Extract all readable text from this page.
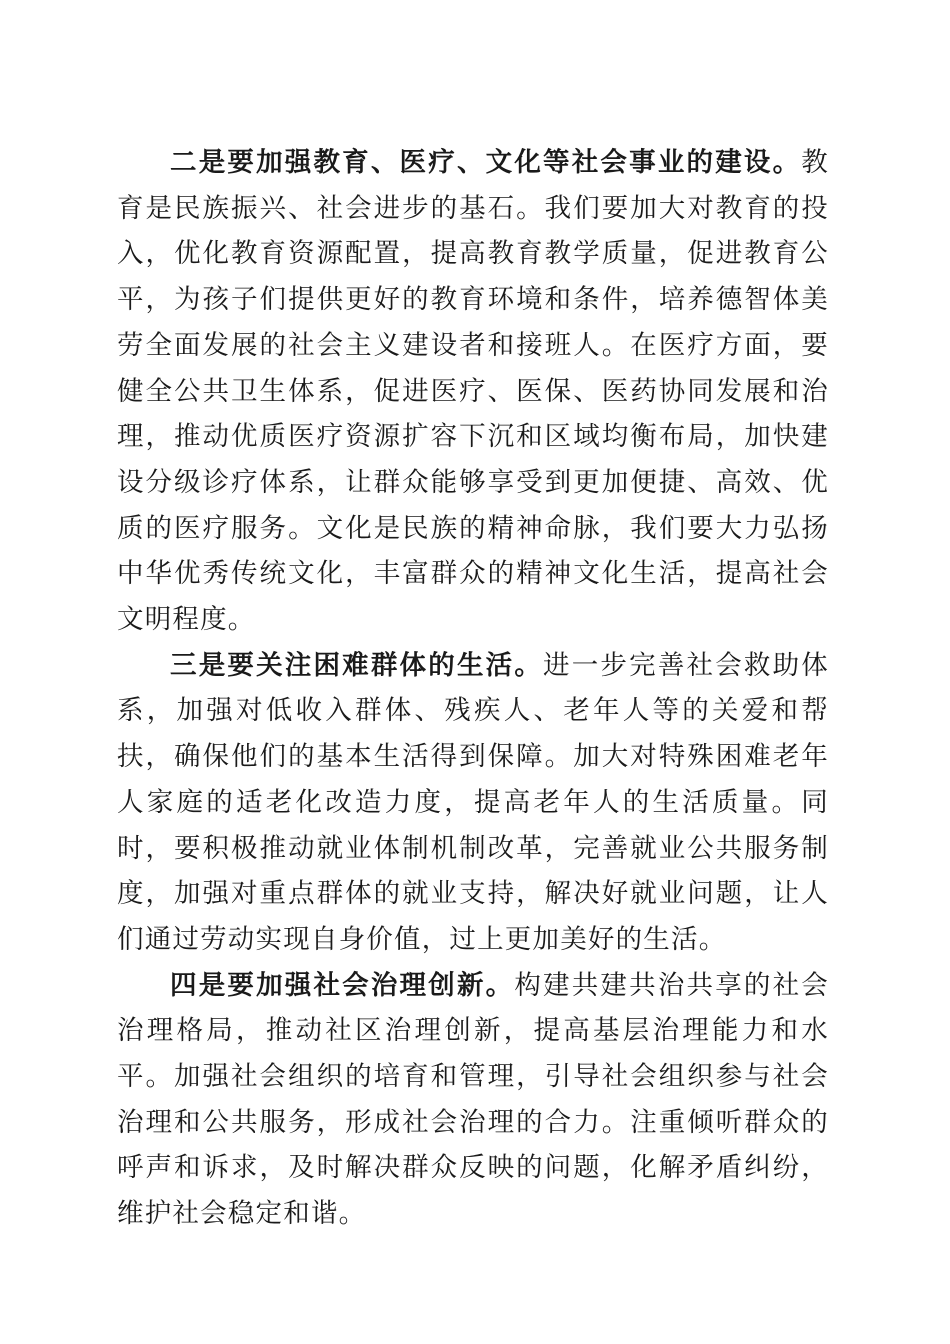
二是要加强教育、医疗、文化等社会事业的建设。教育是民族振兴、社会进步的基石。我们要加大对教育的投入，优化教育资源配置，提高教育教学质量，促进教育公平，为孩子们提供更好的教育环境和条件，培养德智体美劳全面发展的社会主义建设者和接班人。在医疗方面，要健全公共卫生体系，促进医疗、医保、医药协同发展和治理，推动优质医疗资源扩容下沉和区域均衡布局，加快建设分级诊疗体系，让群众能够享受到更加便捷、高效、优质的医疗服务。文化是民族的精神命脉，我们要大力弘扬中华优秀传统文化，丰富群众的精神文化生活，提高社会文明程度。

三是要关注困难群体的生活。进一步完善社会救助体系，加强对低收入群体、残疾人、老年人等的关爱和帮扶，确保他们的基本生活得到保障。加大对特殊困难老年人家庭的适老化改造力度，提高老年人的生活质量。同时，要积极推动就业体制机制改革，完善就业公共服务制度，加强对重点群体的就业支持，解决好就业问题，让人们通过劳动实现自身价值，过上更加美好的生活。

四是要加强社会治理创新。构建共建共治共享的社会治理格局，推动社区治理创新，提高基层治理能力和水平。加强社会组织的培育和管理，引导社会组织参与社会治理和公共服务，形成社会治理的合力。注重倾听群众的呼声和诉求，及时解决群众反映的问题，化解矛盾纠纷，维护社会稳定和谐。
